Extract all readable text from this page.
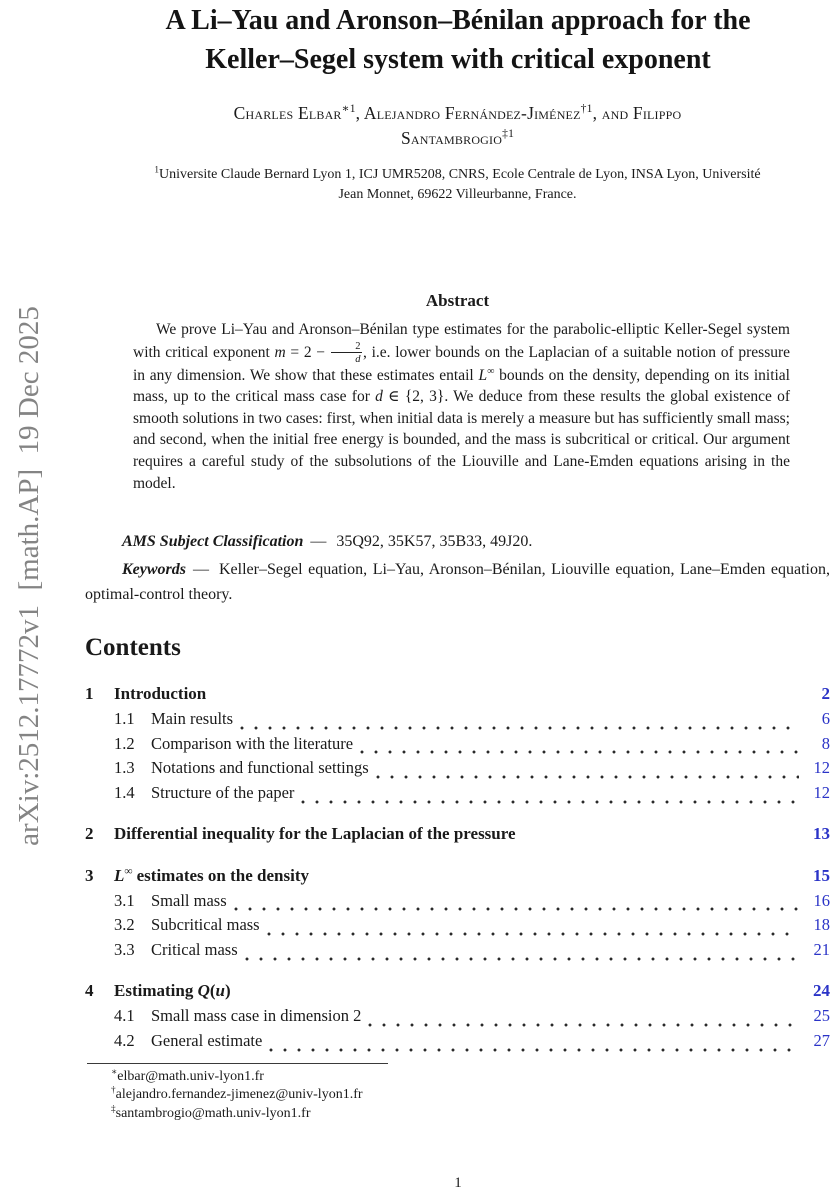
arXiv:2512.17772v1  [math.AP]  19 Dec 2025
A Li–Yau and Aronson–Bénilan approach for the
Keller–Segel system with critical exponent
Charles Elbar$^{∗1}$, Alejandro Fernández-Jiménez$^{\dagger 1}$, and Filippo
Santambrogio$^{\ddagger 1}$
$^1$Universite Claude Bernard Lyon 1, ICJ UMR5208, CNRS, Ecole Centrale de Lyon, INSA Lyon, Université
Jean Monnet, 69622 Villeurbanne, France.
Abstract
We prove Li–Yau and Aronson–Bénilan type estimates for the parabolic-elliptic Keller-Segel system with critical exponent $m = 2 - \frac{2}{d}$ , i.e. lower bounds on the Laplacian of a suitable notion of pressure in any dimension. We show that these estimates entail L∞ bounds on the density, depending on its initial mass, up to the critical mass case for d ∈ {2, 3}. We deduce from these results the global existence of smooth solutions in two cases: first, when initial data is merely a measure but has sufficiently small mass; and second, when the initial free energy is bounded, and the mass is subcritical or critical. Our argument requires a careful study of the subsolutions of the Liouville and Lane-Emden equations arising in the model.
AMS Subject Classification — 35Q92, 35K57, 35B33, 49J20.
Keywords — Keller–Segel equation, Li–Yau, Aronson–Bénilan, Liouville equation, Lane–Emden equation, optimal-control theory.
Contents
1	Introduction	2
1.1 Main results	6
1.2 Comparison with the literature	8
1.3 Notations and functional settings	12
1.4 Structure of the paper	12
2	Differential inequality for the Laplacian of the pressure	13
3	L∞ estimates on the density	15
3.1 Small mass	16
3.2 Subcritical mass	18
3.3 Critical mass	21
4	Estimating Q(u)	24
4.1 Small mass case in dimension 2	25
4.2 General estimate	27
∗elbar@math.univ-lyon1.fr
†alejandro.fernandez-jimenez@univ-lyon1.fr
‡santambrogio@math.univ-lyon1.fr
1
